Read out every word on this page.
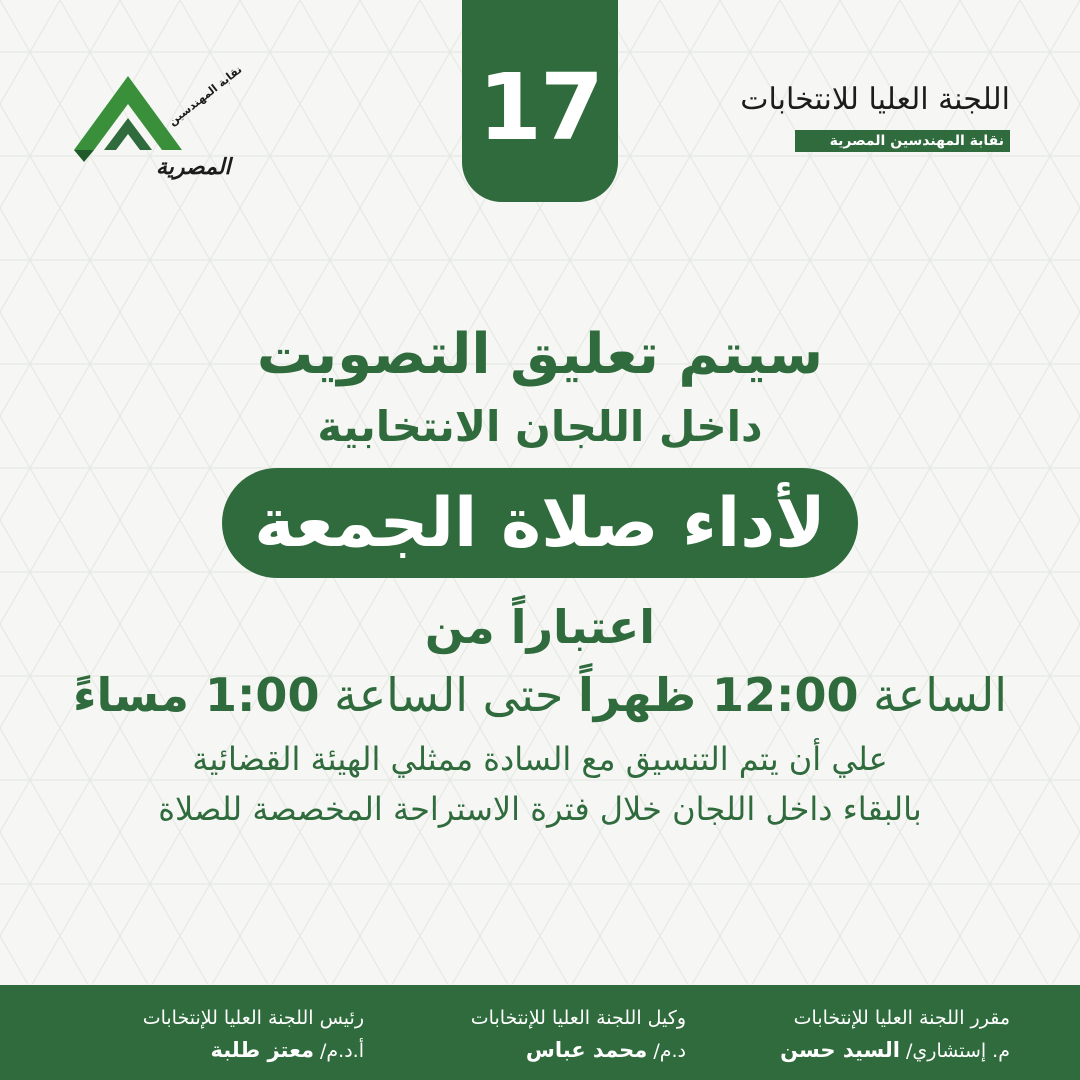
17
نقابة المهندسين
المصرية
اللجنة العليا للانتخابات
نقابة المهندسين المصرية
2026
سيتم تعليق التصويت
داخل اللجان الانتخابية
لأداء صلاة الجمعة
اعتباراً من
الساعة 12:00 ظهراً حتى الساعة 1:00 مساءً
علي أن يتم التنسيق مع السادة ممثلي الهيئة القضائية
بالبقاء داخل اللجان خلال فترة الاستراحة المخصصة للصلاة
مقرر اللجنة العليا للإنتخابات
م. إستشاري/ السيد حسن
وكيل اللجنة العليا للإنتخابات
د.م/ محمد عباس
رئيس اللجنة العليا للإنتخابات
أ.د.م/ معتز طلبة
